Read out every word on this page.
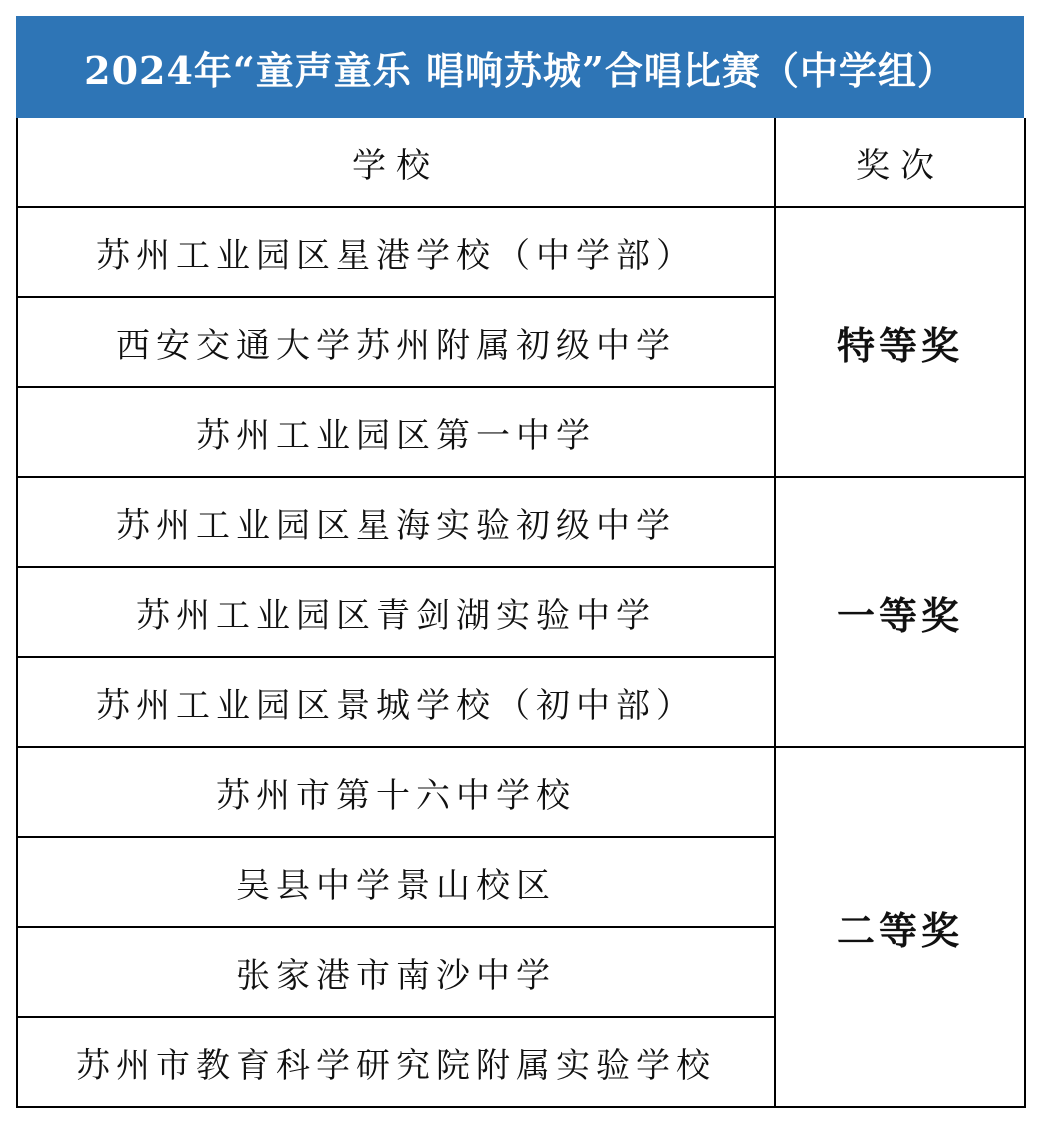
2024年“童声童乐 唱响苏城”合唱比赛（中学组）
学校	奖次
苏州工业园区星港学校（中学部）	特等奖
西安交通大学苏州附属初级中学	
苏州工业园区第一中学	
苏州工业园区星海实验初级中学	一等奖
苏州工业园区青剑湖实验中学	
苏州工业园区景城学校（初中部）	
苏州市第十六中学校	二等奖
吴县中学景山校区	
张家港市南沙中学	
苏州市教育科学研究院附属实验学校	
